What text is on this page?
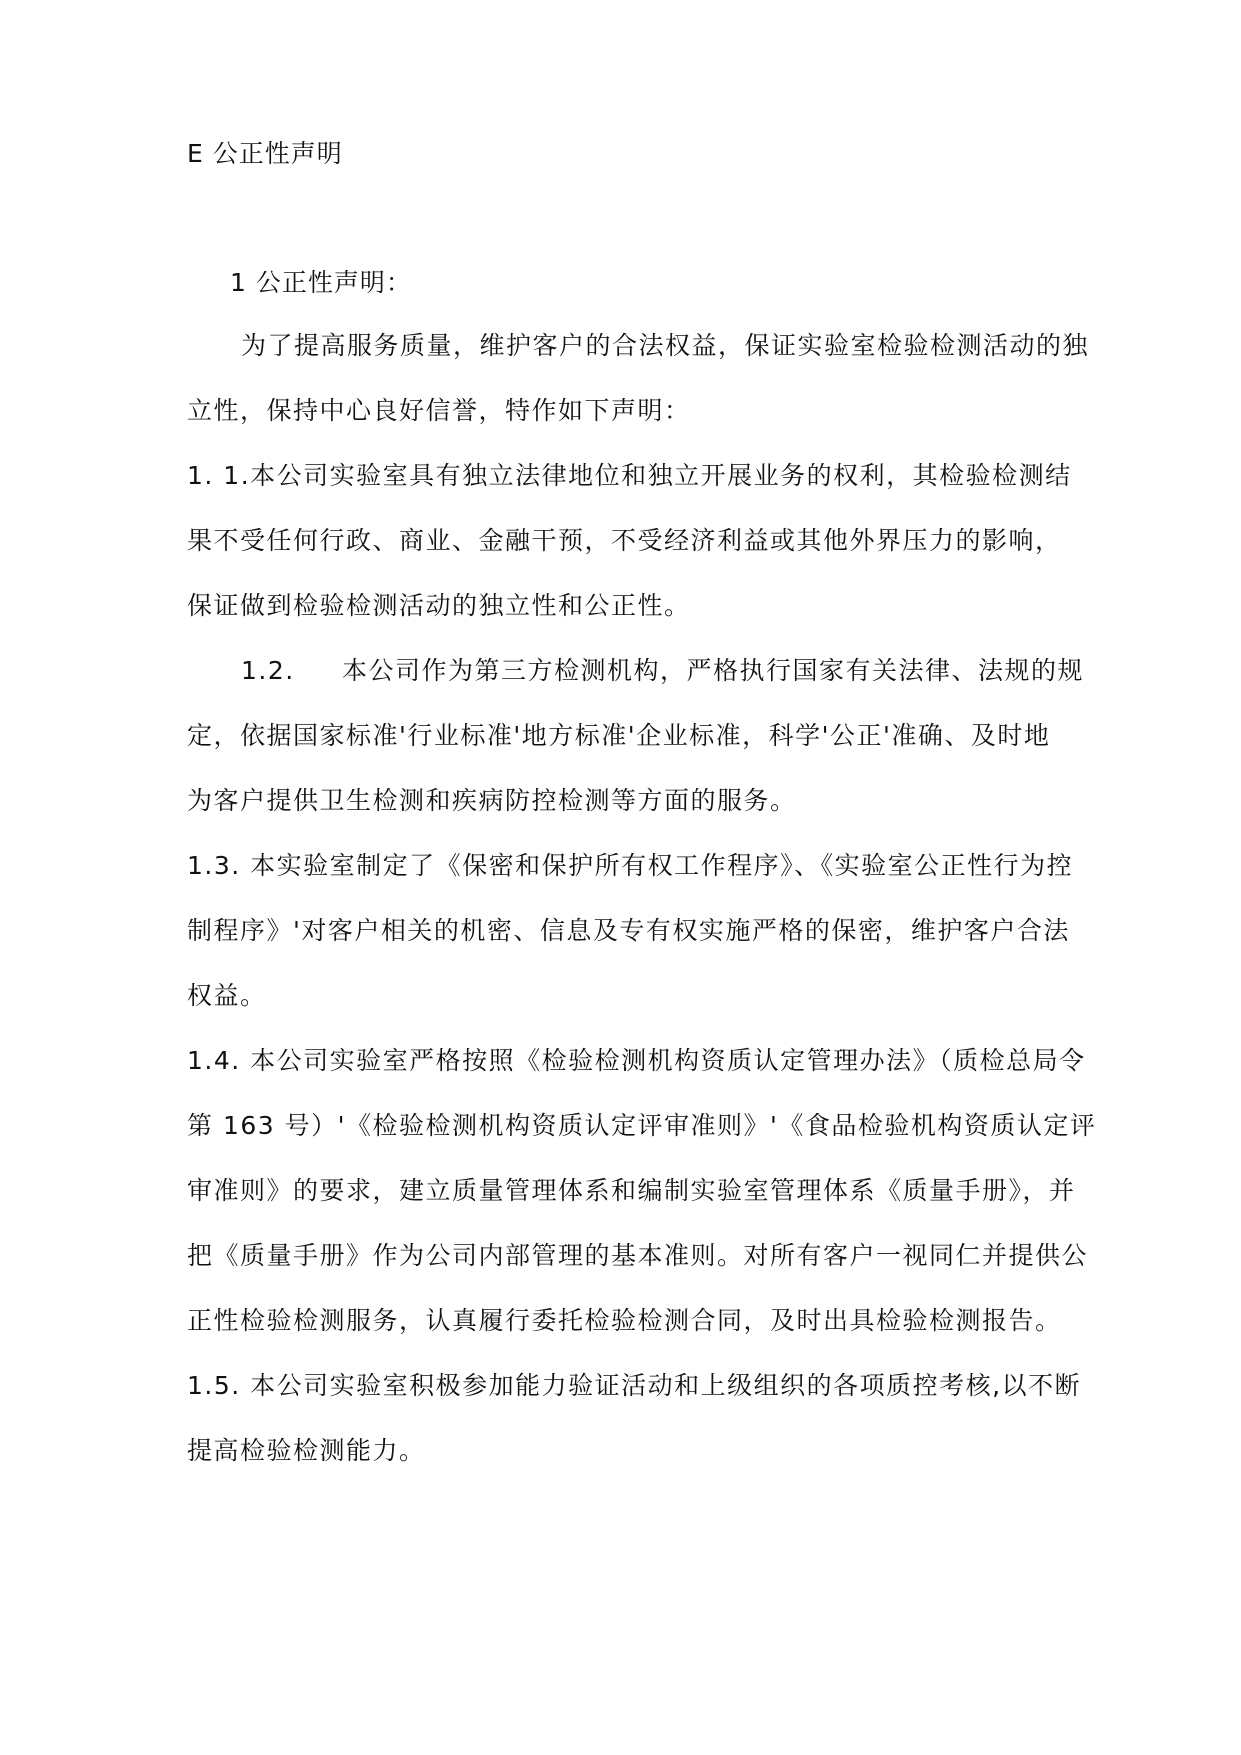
E 公正性声明
1 公正性声明：
为了提高服务质量，维护客户的合法权益，保证实验室检验检测活动的独
立性，保持中心良好信誉，特作如下声明：
1. 1.本公司实验室具有独立法律地位和独立开展业务的权利，其检验检测结
果不受任何行政、商业、金融干预，不受经济利益或其他外界压力的影响，
保证做到检验检测活动的独立性和公正性。
1.2.     本公司作为第三方检测机构，严格执行国家有关法律、法规的规
定，依据国家标准'行业标准'地方标准'企业标准，科学'公正'准确、及时地
为客户提供卫生检测和疾病防控检测等方面的服务。
1.3. 本实验室制定了《保密和保护所有权工作程序》、《实验室公正性行为控
制程序》'对客户相关的机密、信息及专有权实施严格的保密，维护客户合法
权益。
1.4. 本公司实验室严格按照《检验检测机构资质认定管理办法》（质检总局令
第 163 号）'《检验检测机构资质认定评审准则》'《食品检验机构资质认定评
审准则》的要求，建立质量管理体系和编制实验室管理体系《质量手册》，并
把《质量手册》作为公司内部管理的基本准则。对所有客户一视同仁并提供公
正性检验检测服务，认真履行委托检验检测合同，及时出具检验检测报告。
1.5. 本公司实验室积极参加能力验证活动和上级组织的各项质控考核,以不断
提高检验检测能力。
